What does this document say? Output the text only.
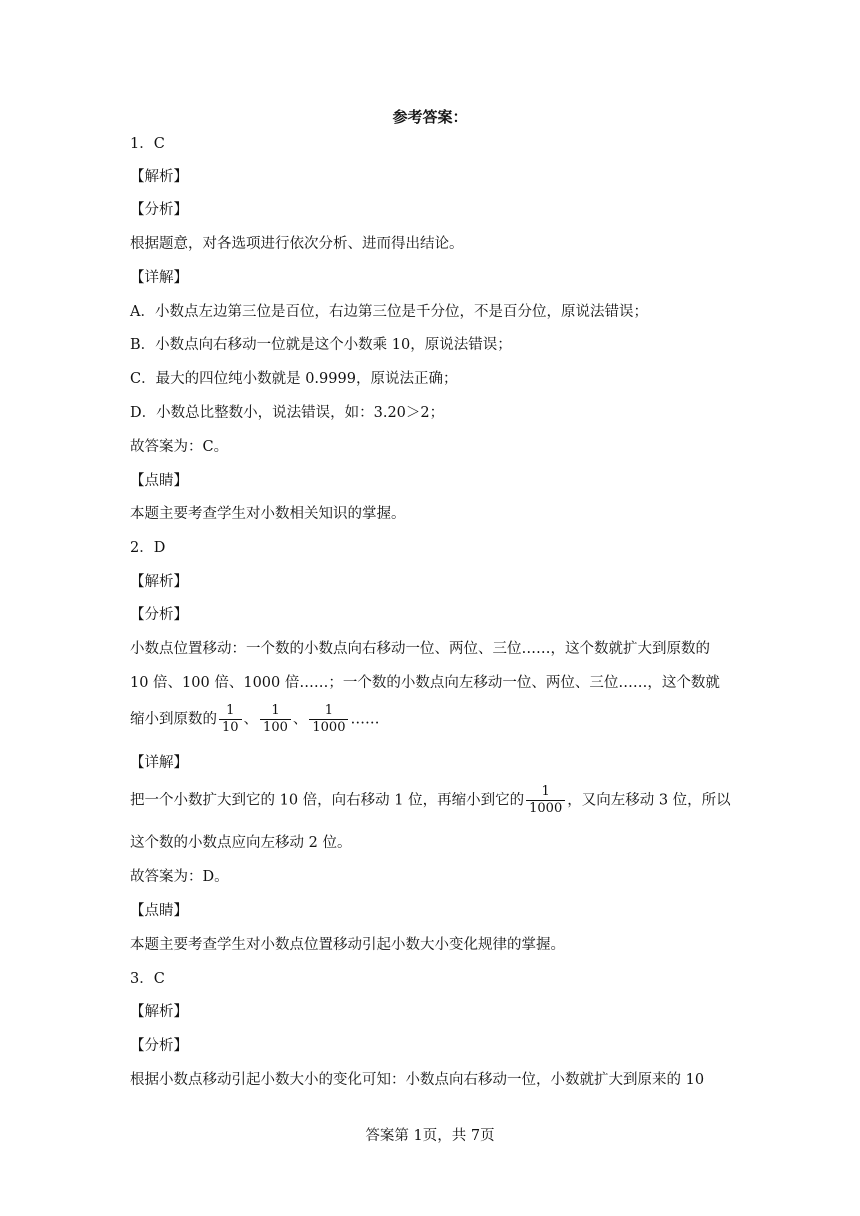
参考答案：
1．C
【解析】
【分析】
根据题意，对各选项进行依次分析、进而得出结论。
【详解】
A．小数点左边第三位是百位，右边第三位是千分位，不是百分位，原说法错误；
B．小数点向右移动一位就是这个小数乘 10，原说法错误；
C．最大的四位纯小数就是 0.9999，原说法正确；
D．小数总比整数小，说法错误，如：3.20＞2；
故答案为：C。
【点睛】
本题主要考查学生对小数相关知识的掌握。
2．D
【解析】
【分析】
小数点位置移动：一个数的小数点向右移动一位、两位、三位……，这个数就扩大到原数的
10 倍、100 倍、1000 倍……；一个数的小数点向左移动一位、两位、三位……，这个数就
缩小到原数的 $\frac{1}{10}$ 、 $\frac{1}{100}$ 、 $\frac{1}{1000}$ ……
【详解】
把一个小数扩大到它的 10 倍，向右移动 1 位，再缩小到它的 $\frac{1}{1000}$ ，又向左移动 3 位，所以
这个数的小数点应向左移动 2 位。
故答案为：D。
【点睛】
本题主要考查学生对小数点位置移动引起小数大小变化规律的掌握。
3．C
【解析】
【分析】
根据小数点移动引起小数大小的变化可知：小数点向右移动一位，小数就扩大到原来的 10
答案第 1页，共 7页
